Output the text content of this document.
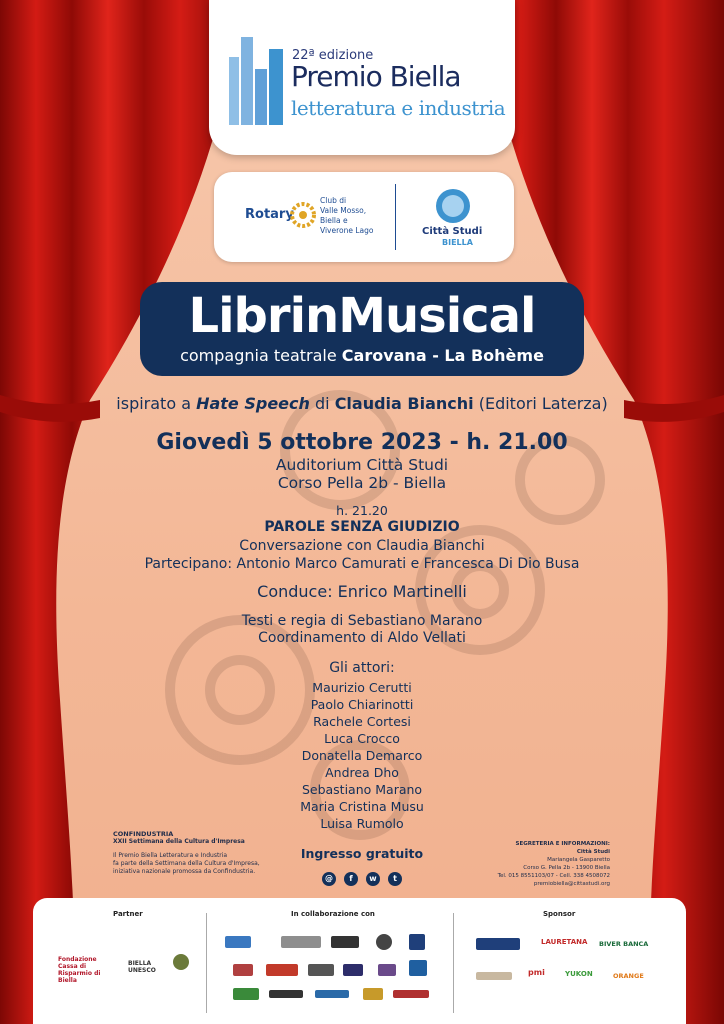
22ª edizione
Premio Biella
letteratura e industria
Rotary
Club di
Valle Mosso,
Biella e
Viverone Lago	Città Studi
BIELLA
LibrinMusical
compagnia teatrale Carovana - La Bohème
ispirato a Hate Speech di Claudia Bianchi (Editori Laterza)
Giovedì 5 ottobre 2023 - h. 21.00
Auditorium Città Studi
Corso Pella 2b - Biella
h. 21.20
PAROLE SENZA GIUDIZIO
Conversazione con Claudia Bianchi
Partecipano: Antonio Marco Camurati e Francesca Di Dio Busa
Conduce: Enrico Martinelli
Testi e regia di Sebastiano Marano
Coordinamento di Aldo Vellati
Gli attori:
Maurizio Cerutti
Paolo Chiarinotti
Rachele Cortesi
Luca Crocco
Donatella Demarco
Andrea Dho
Sebastiano Marano
Maria Cristina Musu
Luisa Rumolo
Ingresso gratuito
@	f	w	t
CONFINDUSTRIA
XXII Settimana della Cultura d'Impresa
Il Premio Biella Letteratura e Industria
fa parte della Settimana della Cultura d'Impresa,
iniziativa nazionale promossa da Confindustria.
SEGRETERIA E INFORMAZIONI:
Città Studi
Mariangela Gasparetto
Corso G. Pella 2b - 13900 Biella
Tel. 015 8551103/07 - Cell. 338 4508072
premiobiella@cittastudi.org
Partner	In collaborazione con	Sponsor
Fondazione Cassa di Risparmio di Biella
BIELLA UNESCO
LAURETANA BIVER BANCA
pmi	YUKON	ORANGE
